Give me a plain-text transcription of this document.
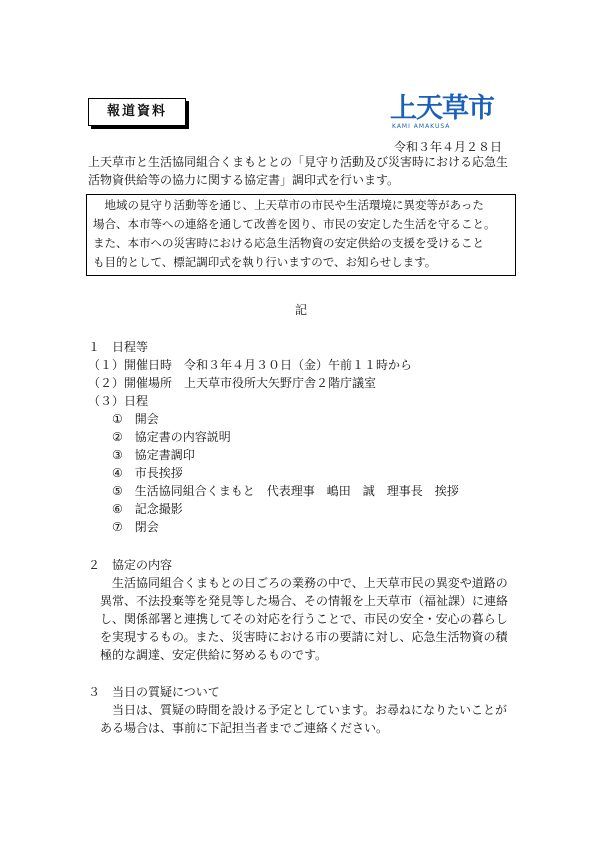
報道資料	上天草市
KAMI AMAKUSA
令和３年４月２８日
上天草市と生活協同組合くまもととの「見守り活動及び災害時における応急生
活物資供給等の協力に関する協定書」調印式を行います。
　地域の見守り活動等を通じ、上天草市の市民や生活環境に異変等があった
場合、本市等への連絡を通して改善を図り、市民の安定した生活を守ること。
また、本市への災害時における応急生活物資の安定供給の支援を受けること
も目的として、標記調印式を執り行いますので、お知らせします。
記
１　日程等
（１）開催日時　令和３年４月３０日（金）午前１１時から
（２）開催場所　上天草市役所大矢野庁舎２階庁議室
（３）日程
①　開会
②　協定書の内容説明
③　協定書調印
④　市長挨拶
⑤　生活協同組合くまもと　代表理事　嶋田　誠　理事長　挨拶
⑥　記念撮影
⑦　閉会
２　協定の内容
生活協同組合くまもとの日ごろの業務の中で、上天草市民の異変や道路の
異常、不法投棄等を発見等した場合、その情報を上天草市（福祉課）に連絡
し、関係部署と連携してその対応を行うことで、市民の安全・安心の暮らし
を実現するもの。また、災害時における市の要請に対し、応急生活物資の積
極的な調達、安定供給に努めるものです。
３　当日の質疑について
当日は、質疑の時間を設ける予定としています。お尋ねになりたいことが
ある場合は、事前に下記担当者までご連絡ください。
